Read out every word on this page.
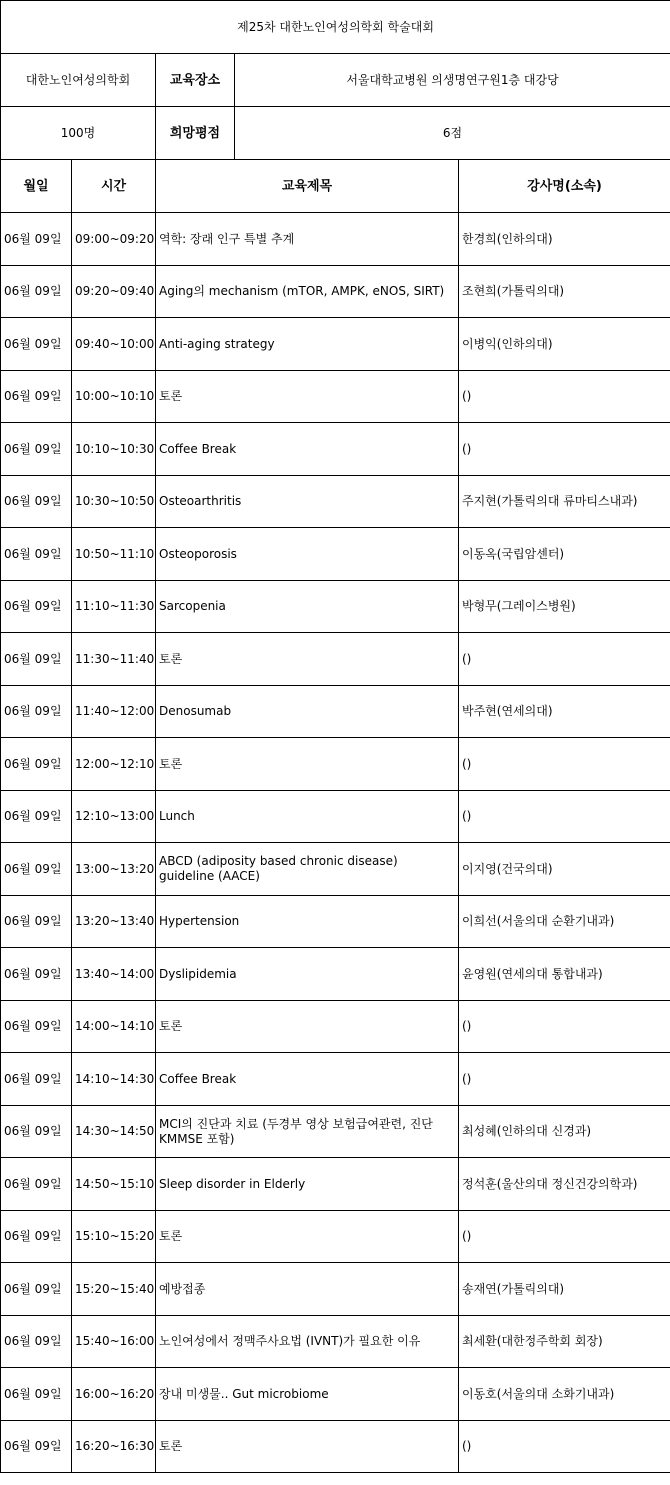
제25차 대한노인여성의학회 학술대회				
대한노인여성의학회		교육장소	서울대학교병원 의생명연구원1층 대강당	
100명		희망평점	6점	
월일	시간	교육제목		강사명(소속)
06월 09일	09:00~09:20	역학: 장래 인구 특별 추계		한경희(인하의대)
06월 09일	09:20~09:40	Aging의 mechanism (mTOR, AMPK, eNOS, SIRT)		조현희(가톨릭의대)
06월 09일	09:40~10:00	Anti-aging strategy		이병익(인하의대)
06월 09일	10:00~10:10	토론		()
06월 09일	10:10~10:30	Coffee Break		()
06월 09일	10:30~10:50	Osteoarthritis		주지현(가톨릭의대 류마티스내과)
06월 09일	10:50~11:10	Osteoporosis		이동옥(국립암센터)
06월 09일	11:10~11:30	Sarcopenia		박형무(그레이스병원)
06월 09일	11:30~11:40	토론		()
06월 09일	11:40~12:00	Denosumab		박주현(연세의대)
06월 09일	12:00~12:10	토론		()
06월 09일	12:10~13:00	Lunch		()
06월 09일	13:00~13:20	ABCD (adiposity based chronic disease) guideline (AACE)		이지영(건국의대)
06월 09일	13:20~13:40	Hypertension		이희선(서울의대 순환기내과)
06월 09일	13:40~14:00	Dyslipidemia		윤영원(연세의대 통합내과)
06월 09일	14:00~14:10	토론		()
06월 09일	14:10~14:30	Coffee Break		()
06월 09일	14:30~14:50	MCI의 진단과 치료 (두경부 영상 보험급여관련, 진단 KMMSE 포함)		최성혜(인하의대 신경과)
06월 09일	14:50~15:10	Sleep disorder in Elderly		정석훈(울산의대 정신건강의학과)
06월 09일	15:10~15:20	토론		()
06월 09일	15:20~15:40	예방접종		송재연(가톨릭의대)
06월 09일	15:40~16:00	노인여성에서 정맥주사요법 (IVNT)가 필요한 이유		최세환(대한정주학회 회장)
06월 09일	16:00~16:20	장내 미생물.. Gut microbiome		이동호(서울의대 소화기내과)
06월 09일	16:20~16:30	토론		()
